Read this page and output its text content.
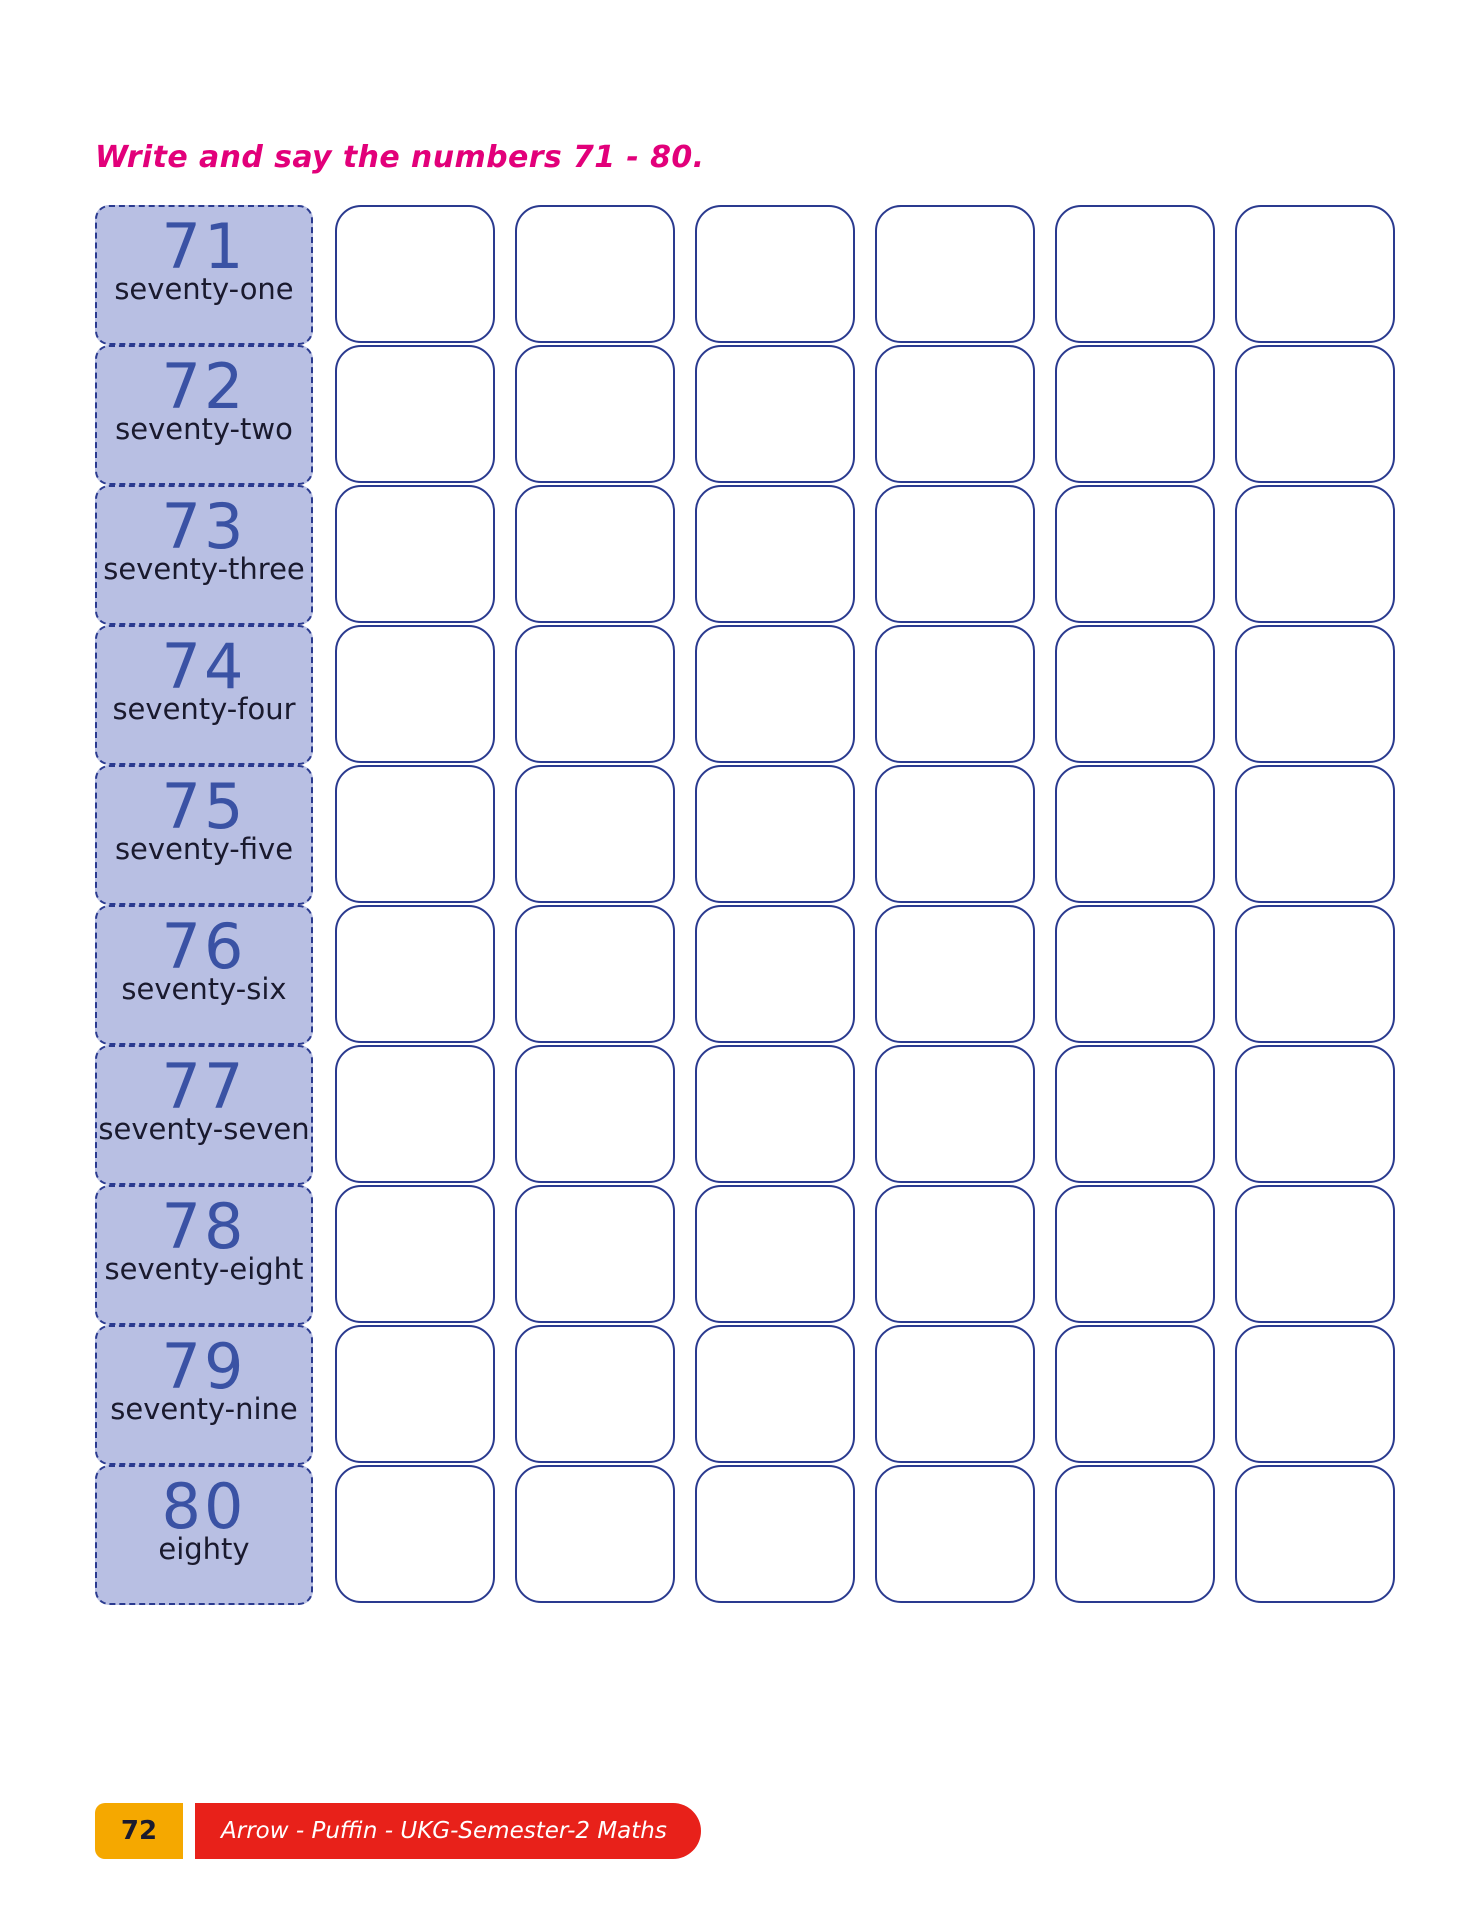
Write and say the numbers 71 - 80.
71
seventy-one
72
seventy-two
73
seventy-three
74
seventy-four
75
seventy-five
76
seventy-six
77
seventy-seven
78
seventy-eight
79
seventy-nine
80
eighty
72	Arrow - Puffin - UKG-Semester-2 Maths
